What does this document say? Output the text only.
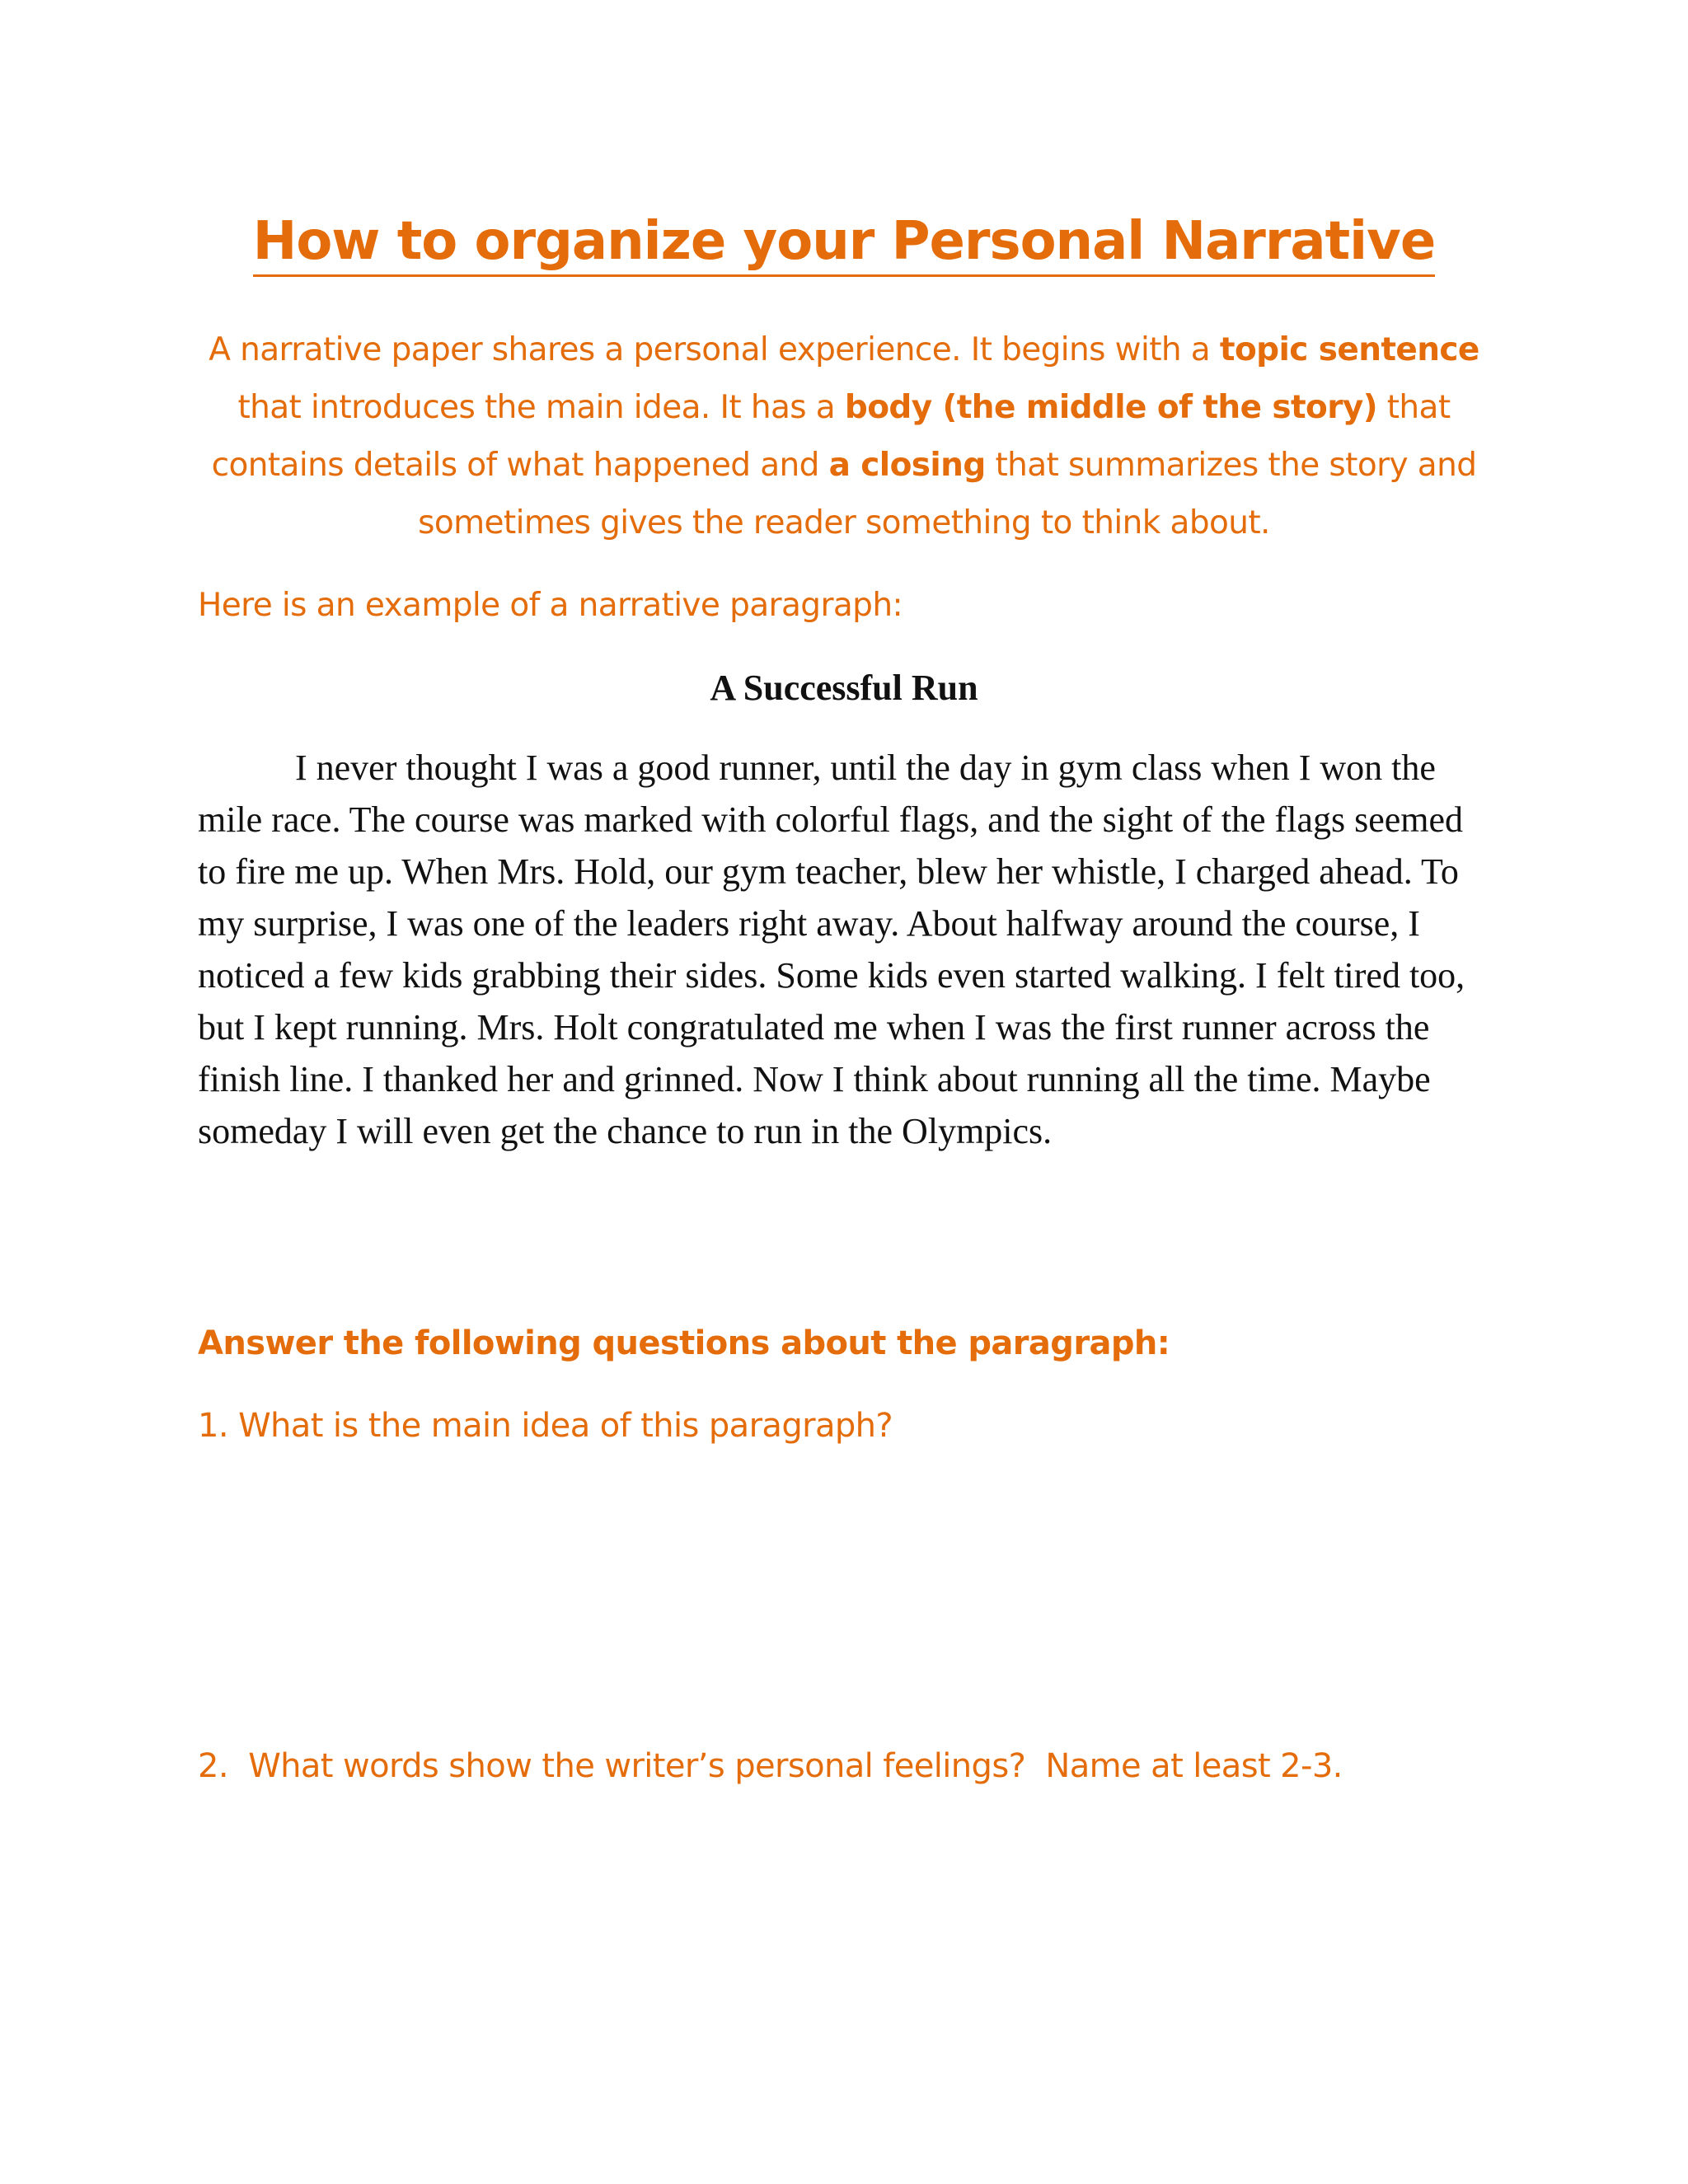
How to organize your Personal Narrative
A narrative paper shares a personal experience. It begins with a topic sentence that introduces the main idea. It has a body (the middle of the story) that contains details of what happened and a closing that summarizes the story and sometimes gives the reader something to think about.
Here is an example of a narrative paragraph:
A Successful Run

I never thought I was a good runner, until the day in gym class when I won the mile race. The course was marked with colorful flags, and the sight of the flags seemed to fire me up. When Mrs. Hold, our gym teacher, blew her whistle, I charged ahead. To my surprise, I was one of the leaders right away. About halfway around the course, I noticed a few kids grabbing their sides. Some kids even started walking. I felt tired too, but I kept running. Mrs. Holt congratulated me when I was the first runner across the finish line. I thanked her and grinned. Now I think about running all the time. Maybe someday I will even get the chance to run in the Olympics.

Answer the following questions about the paragraph:
1. What is the main idea of this paragraph?
2.  What words show the writer’s personal feelings?  Name at least 2-3.
